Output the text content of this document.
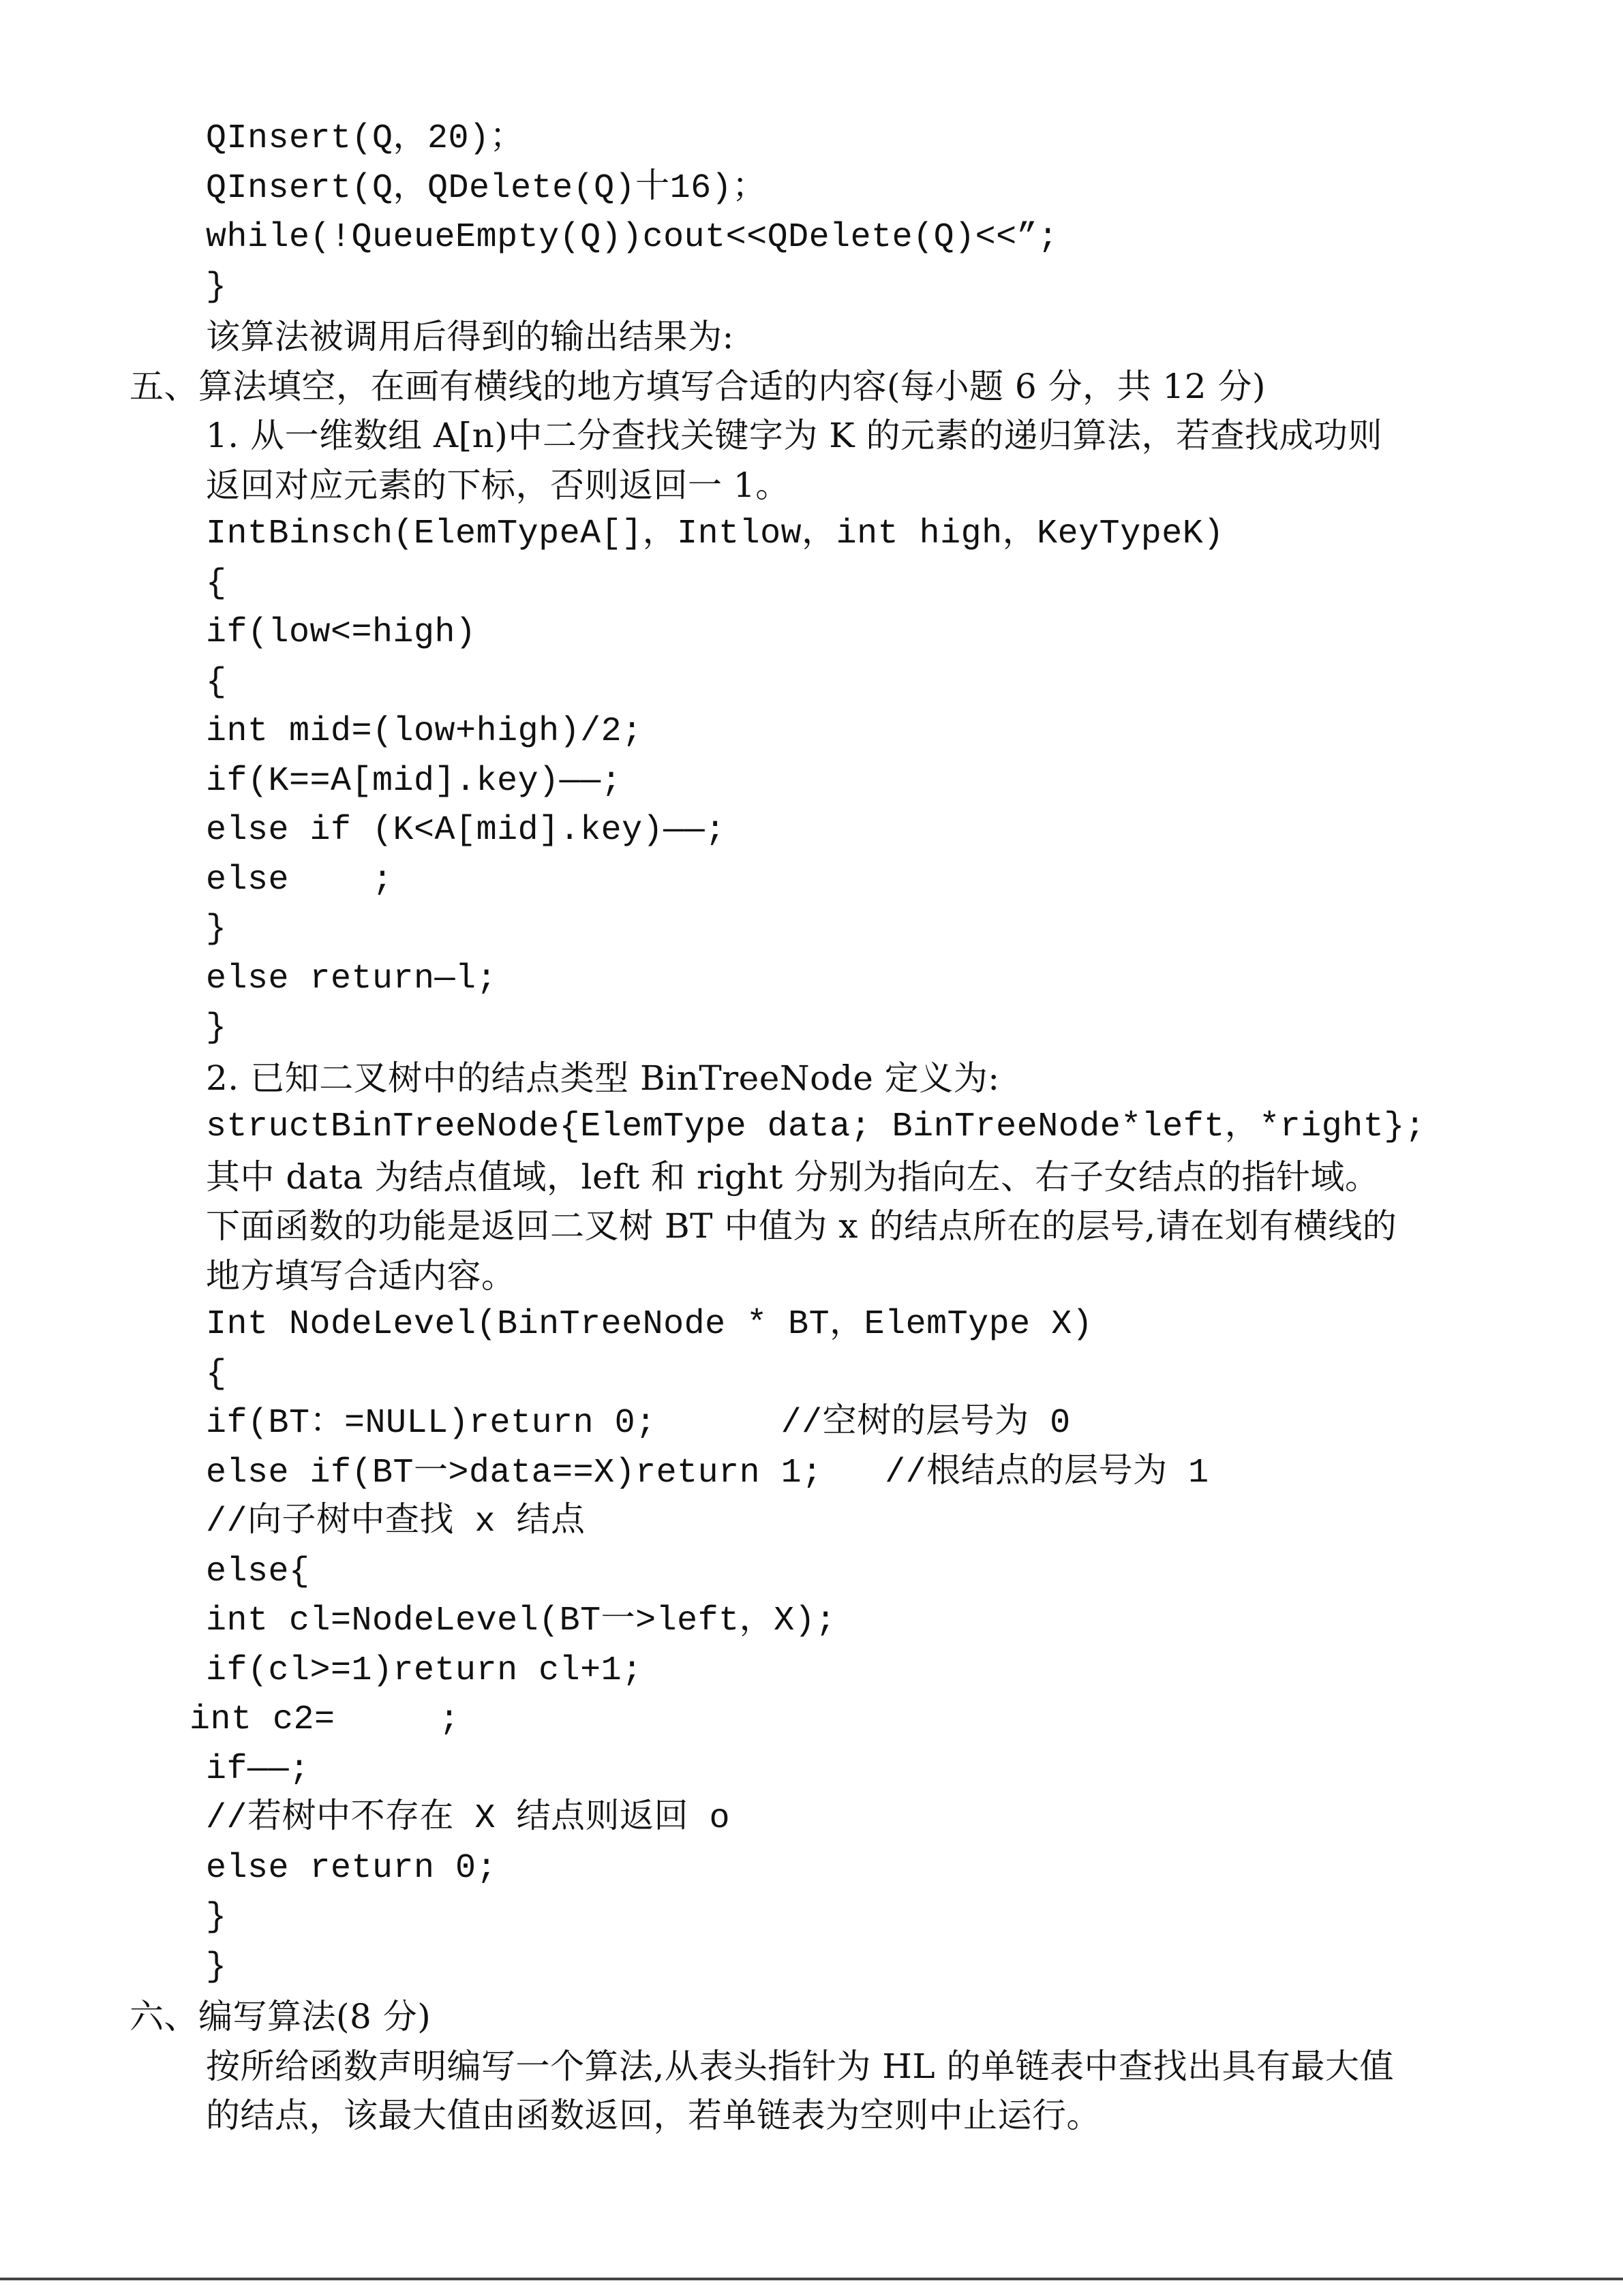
QInsert(Q，20)；
QInsert(Q，QDelete(Q)十16)；
while(!QueueEmpty(Q))cout<<QDelete(Q)<<”;
}
该算法被调用后得到的输出结果为:
五、算法填空，在画有横线的地方填写合适的内容(每小题 6 分，共 12 分)
1. 从一维数组 A[n)中二分查找关键字为 K 的元素的递归算法，若查找成功则
返回对应元素的下标，否则返回一 1。
IntBinsch(ElemTypeA[]，Intlow，int high，KeyTypeK)
{
if(low<=high)
{
int mid=(low+high)/2;
if(K==A[mid].key)——;
else if (K<A[mid].key)——;
else    ;
}
else return—l;
}
2. 已知二叉树中的结点类型 BinTreeNode 定义为:
structBinTreeNode{ElemType data; BinTreeNode*left，*right};
其中 data 为结点值域，left 和 right 分别为指向左、右子女结点的指针域。
下面函数的功能是返回二叉树 BT 中值为 x 的结点所在的层号,请在划有横线的
地方填写合适内容。
Int NodeLevel(BinTreeNode * BT，ElemType X)
{
if(BT：=NULL)return 0;      //空树的层号为 0
else if(BT一>data==X)return 1;   //根结点的层号为 1
//向子树中查找 x 结点
else{
int cl=NodeLevel(BT一>left，X);
if(cl>=1)return cl+1;
int c2=     ;
if——;
//若树中不存在 X 结点则返回 o
else return 0;
}
}
六、编写算法(8 分)
按所给函数声明编写一个算法,从表头指针为 HL 的单链表中查找出具有最大值
的结点，该最大值由函数返回，若单链表为空则中止运行。
